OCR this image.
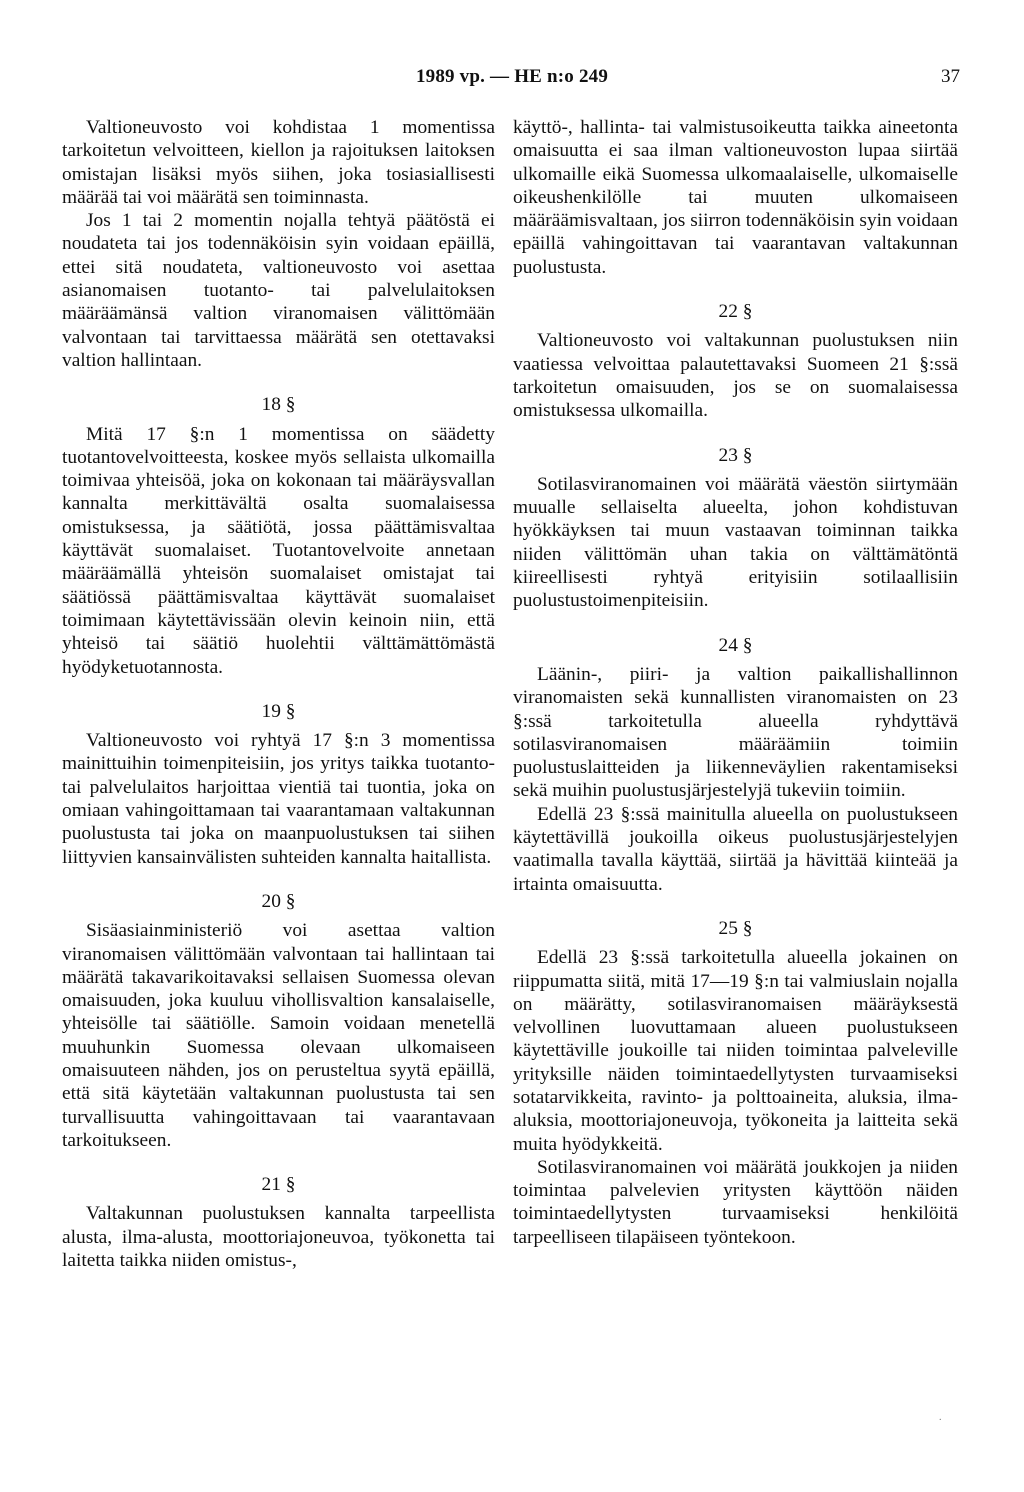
1989 vp. — HE n:o 249	37

Valtioneuvosto voi kohdistaa 1 momentissa tarkoitetun velvoitteen, kiellon ja rajoituksen laitoksen omistajan lisäksi myös siihen, joka tosiasiallisesti määrää tai voi määrätä sen toiminnasta.

Jos 1 tai 2 momentin nojalla tehtyä päätöstä ei noudateta tai jos todennäköisin syin voidaan epäillä, ettei sitä noudateta, valtioneuvosto voi asettaa asianomaisen tuotanto- tai palvelulaitoksen määräämänsä valtion viranomaisen välittömään valvontaan tai tarvittaessa määrätä sen otettavaksi valtion hallintaan.

18 §

Mitä 17 §:n 1 momentissa on säädetty tuotantovelvoitteesta, koskee myös sellaista ulkomailla toimivaa yhteisöä, joka on kokonaan tai määräysvallan kannalta merkittävältä osalta suomalaisessa omistuksessa, ja säätiötä, jossa päättämisvaltaa käyttävät suomalaiset. Tuotantovelvoite annetaan määräämällä yhteisön suomalaiset omistajat tai säätiössä päättämisvaltaa käyttävät suomalaiset toimimaan käytettävissään olevin keinoin niin, että yhteisö tai säätiö huolehtii välttämättömästä hyödyketuotannosta.

19 §

Valtioneuvosto voi ryhtyä 17 §:n 3 momentissa mainittuihin toimenpiteisiin, jos yritys taikka tuotanto- tai palvelulaitos harjoittaa vientiä tai tuontia, joka on omiaan vahingoittamaan tai vaarantamaan valtakunnan puolustusta tai joka on maanpuolustuksen tai siihen liittyvien kansainvälisten suhteiden kannalta haitallista.

20 §

Sisäasiainministeriö voi asettaa valtion viranomaisen välittömään valvontaan tai hallintaan tai määrätä takavarikoitavaksi sellaisen Suomessa olevan omaisuuden, joka kuuluu vihollisvaltion kansalaiselle, yhteisölle tai säätiölle. Samoin voidaan menetellä muuhunkin Suomessa olevaan ulkomaiseen omaisuuteen nähden, jos on perusteltua syytä epäillä, että sitä käytetään valtakunnan puolustusta tai sen turvallisuutta vahingoittavaan tai vaarantavaan tarkoitukseen.

21 §

Valtakunnan puolustuksen kannalta tarpeellista alusta, ilma-alusta, moottoriajoneuvoa, työkonetta tai laitetta taikka niiden omistus-,

käyttö-, hallinta- tai valmistusoikeutta taikka aineetonta omaisuutta ei saa ilman valtioneuvoston lupaa siirtää ulkomaille eikä Suomessa ulkomaalaiselle, ulkomaiselle oikeushenkilölle tai muuten ulkomaiseen määräämisvaltaan, jos siirron todennäköisin syin voidaan epäillä vahingoittavan tai vaarantavan valtakunnan puolustusta.

22 §

Valtioneuvosto voi valtakunnan puolustuksen niin vaatiessa velvoittaa palautettavaksi Suomeen 21 §:ssä tarkoitetun omaisuuden, jos se on suomalaisessa omistuksessa ulkomailla.

23 §

Sotilasviranomainen voi määrätä väestön siirtymään muualle sellaiselta alueelta, johon kohdistuvan hyökkäyksen tai muun vastaavan toiminnan taikka niiden välittömän uhan takia on välttämätöntä kiireellisesti ryhtyä erityisiin sotilaallisiin puolustustoimenpiteisiin.

24 §

Läänin-, piiri- ja valtion paikallishallinnon viranomaisten sekä kunnallisten viranomaisten on 23 §:ssä tarkoitetulla alueella ryhdyttävä sotilasviranomaisen määräämiin toimiin puolustuslaitteiden ja liikenneväylien rakentamiseksi sekä muihin puolustusjärjestelyjä tukeviin toimiin.

Edellä 23 §:ssä mainitulla alueella on puolustukseen käytettävillä joukoilla oikeus puolustusjärjestelyjen vaatimalla tavalla käyttää, siirtää ja hävittää kiinteää ja irtainta omaisuutta.

25 §

Edellä 23 §:ssä tarkoitetulla alueella jokainen on riippumatta siitä, mitä 17—19 §:n tai valmiuslain nojalla on määrätty, sotilasviranomaisen määräyksestä velvollinen luovuttamaan alueen puolustukseen käytettäville joukoille tai niiden toimintaa palveleville yrityksille näiden toimintaedellytysten turvaamiseksi sotatarvikkeita, ravinto- ja polttoaineita, aluksia, ilma-aluksia, moottoriajoneuvoja, työkoneita ja laitteita sekä muita hyödykkeitä.

Sotilasviranomainen voi määrätä joukkojen ja niiden toimintaa palvelevien yritysten käyttöön näiden toimintaedellytysten turvaamiseksi henkilöitä tarpeelliseen tilapäiseen työntekoon.

.
